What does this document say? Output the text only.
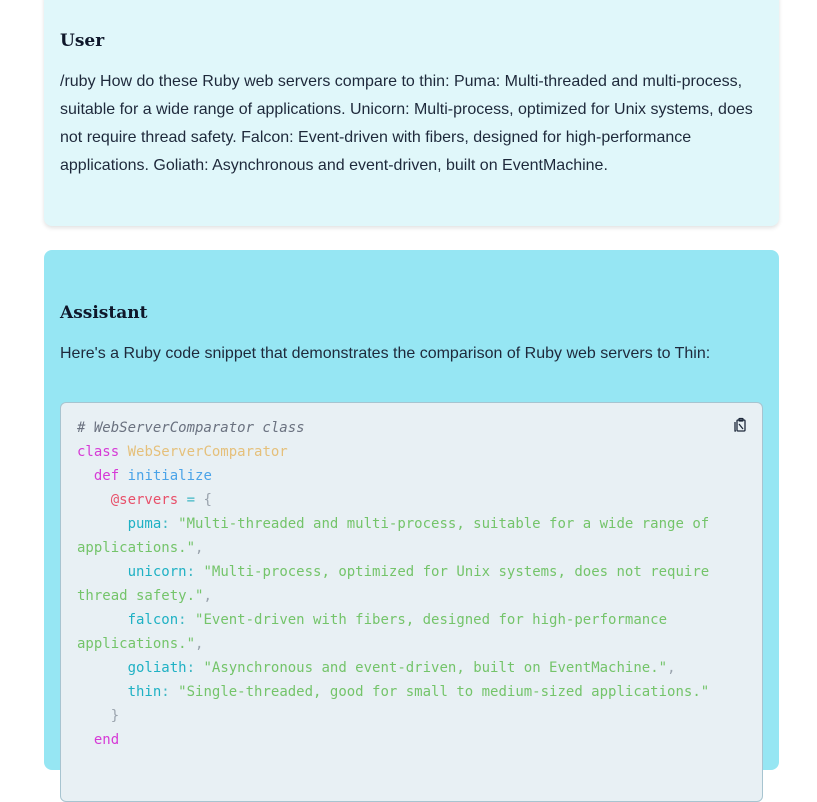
User
/ruby How do these Ruby web servers compare to thin: Puma: Multi-threaded and multi-process, suitable for a wide range of applications. Unicorn: Multi-process, optimized for Unix systems, does not require thread safety. Falcon: Event-driven with fibers, designed for high-performance applications. Goliath: Asynchronous and event-driven, built on EventMachine.
Assistant
Here's a Ruby code snippet that demonstrates the comparison of Ruby web servers to Thin:
# WebServerComparator class
class WebServerComparator
def initialize
@servers = {
puma: "Multi-threaded and multi-process, suitable for a wide range of applications.",
unicorn: "Multi-process, optimized for Unix systems, does not require thread safety.",
falcon: "Event-driven with fibers, designed for high-performance applications.",
goliath: "Asynchronous and event-driven, built on EventMachine.",
thin: "Single-threaded, good for small to medium-sized applications."
}
end
